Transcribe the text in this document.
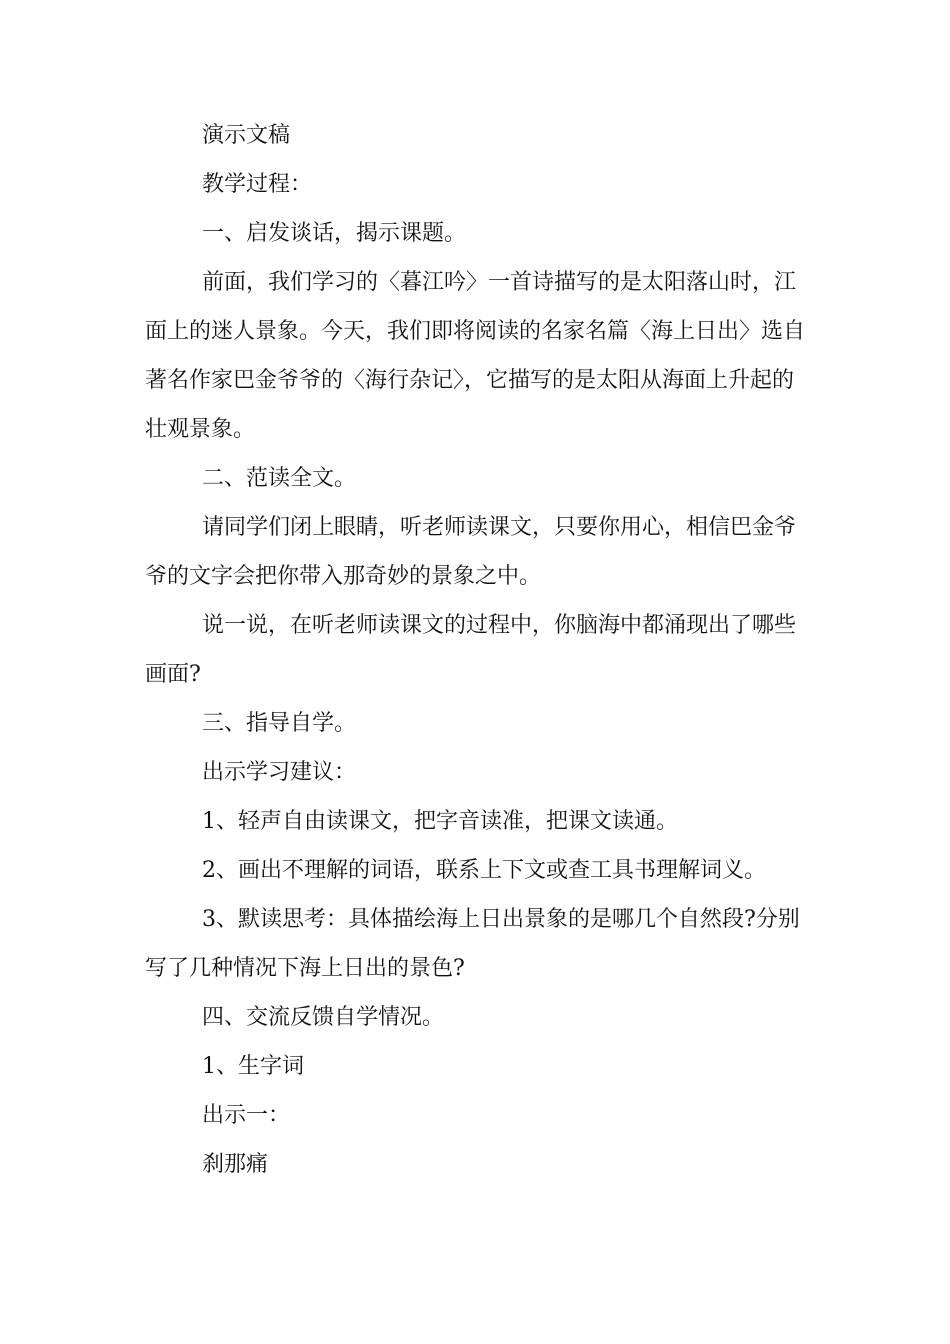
演示文稿

教学过程：

一、启发谈话，揭示课题。

前面，我们学习的〈暮江吟〉一首诗描写的是太阳落山时，江面上的迷人景象。今天，我们即将阅读的名家名篇〈海上日出〉选自著名作家巴金爷爷的〈海行杂记〉，它描写的是太阳从海面上升起的壮观景象。

二、范读全文。

请同学们闭上眼睛，听老师读课文，只要你用心，相信巴金爷爷的文字会把你带入那奇妙的景象之中。

说一说，在听老师读课文的过程中，你脑海中都涌现出了哪些画面?

三、指导自学。

出示学习建议：

1、轻声自由读课文，把字音读准，把课文读通。

2、画出不理解的词语，联系上下文或查工具书理解词义。

3、默读思考：具体描绘海上日出景象的是哪几个自然段?分别写了几种情况下海上日出的景色?

四、交流反馈自学情况。

1、生字词

出示一：

刹那痛
